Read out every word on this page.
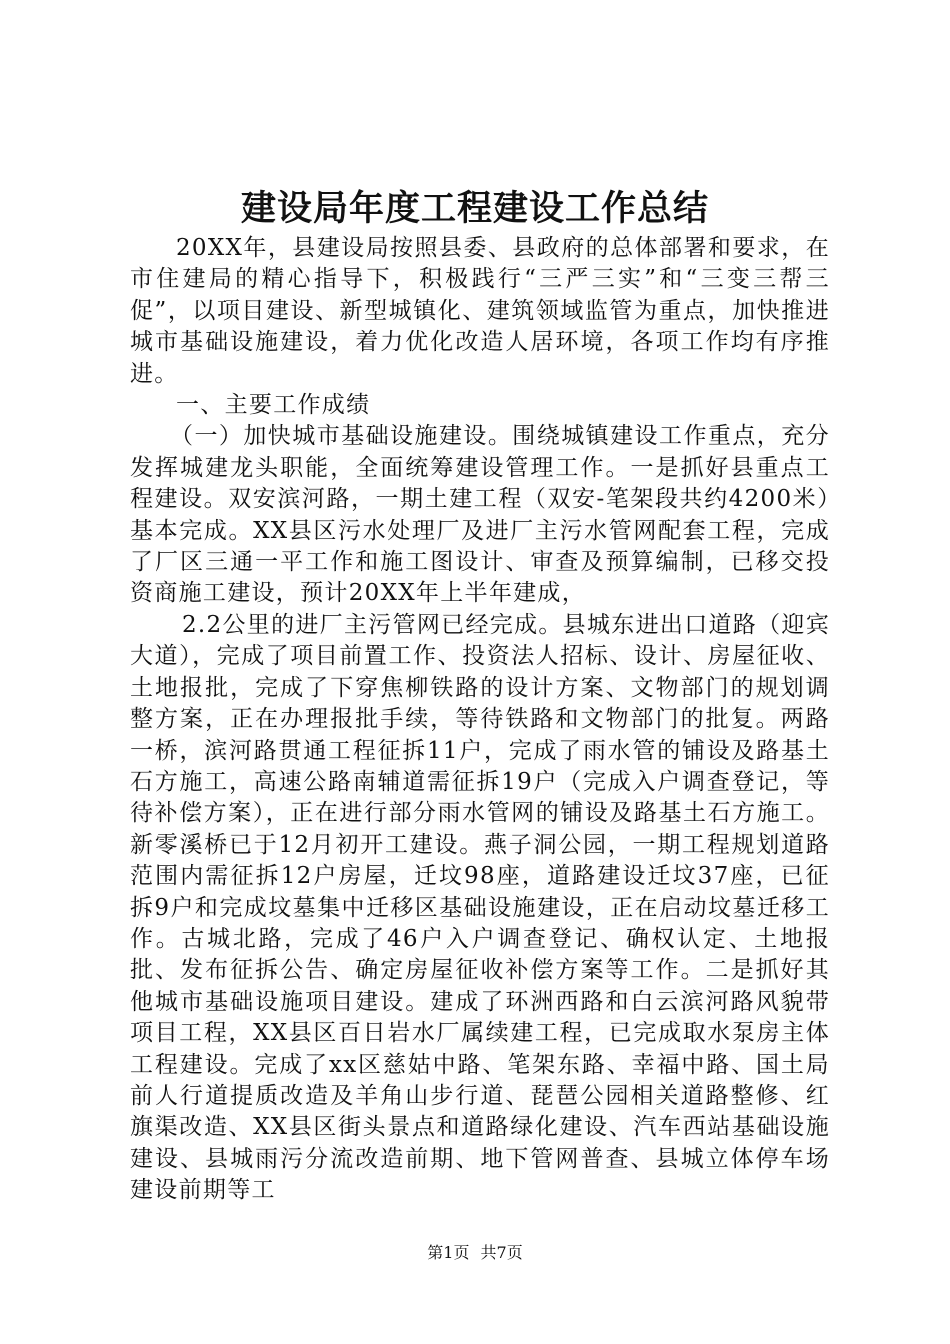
建设局年度工程建设工作总结

20XX年，县建设局按照县委、县政府的总体部署和要求，在市住建局的精心指导下，积极践行“三严三实”和“三变三帮三促”，以项目建设、新型城镇化、建筑领域监管为重点，加快推进城市基础设施建设，着力优化改造人居环境，各项工作均有序推进。

一、主要工作成绩

（一）加快城市基础设施建设。围绕城镇建设工作重点，充分发挥城建龙头职能，全面统筹建设管理工作。一是抓好县重点工程建设。双安滨河路，一期土建工程（双安-笔架段共约4200米）基本完成。XX县区污水处理厂及进厂主污水管网配套工程，完成了厂区三通一平工作和施工图设计、审查及预算编制，已移交投资商施工建设，预计20XX年上半年建成，

2.2公里的进厂主污管网已经完成。县城东进出口道路（迎宾大道），完成了项目前置工作、投资法人招标、设计、房屋征收、土地报批，完成了下穿焦柳铁路的设计方案、文物部门的规划调整方案，正在办理报批手续，等待铁路和文物部门的批复。两路一桥，滨河路贯通工程征拆11户，完成了雨水管的铺设及路基土石方施工，高速公路南辅道需征拆19户（完成入户调查登记，等待补偿方案），正在进行部分雨水管网的铺设及路基土石方施工。新零溪桥已于12月初开工建设。燕子洞公园，一期工程规划道路范围内需征拆12户房屋，迁坟98座，道路建设迁坟37座，已征拆9户和完成坟墓集中迁移区基础设施建设，正在启动坟墓迁移工作。古城北路，完成了46户入户调查登记、确权认定、土地报批、发布征拆公告、确定房屋征收补偿方案等工作。二是抓好其他城市基础设施项目建设。建成了环洲西路和白云滨河路风貌带项目工程，XX县区百日岩水厂属续建工程，已完成取水泵房主体工程建设。完成了xx区慈姑中路、笔架东路、幸福中路、国土局前人行道提质改造及羊角山步行道、琵琶公园相关道路整修、红旗渠改造、XX县区街头景点和道路绿化建设、汽车西站基础设施建设、县城雨污分流改造前期、地下管网普查、县城立体停车场建设前期等工

第1页 共7页
